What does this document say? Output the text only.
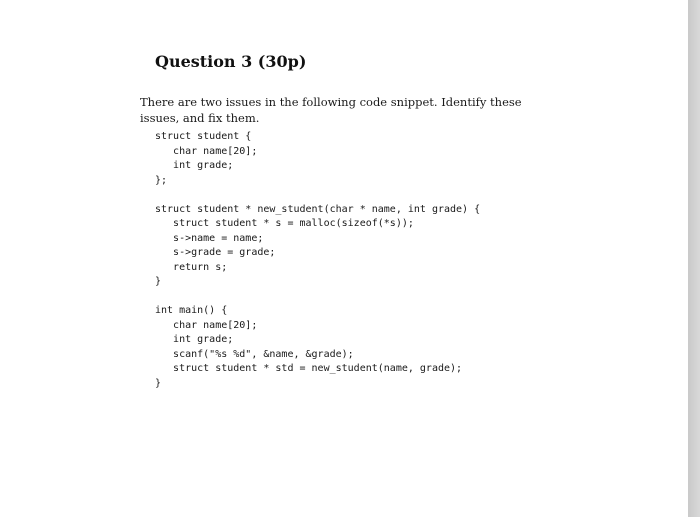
Question 3 (30p)

There are two issues in the following code snippet. Identify these issues, and fix them.

struct student {
char name[20];
int grade;
};
struct student * new_student(char * name, int grade) {
struct student * s = malloc(sizeof(*s));
s->name = name;
s->grade = grade;
return s;
}
int main() {
char name[20];
int grade;
scanf("%s %d", &name, &grade);
struct student * std = new_student(name, grade);
}
